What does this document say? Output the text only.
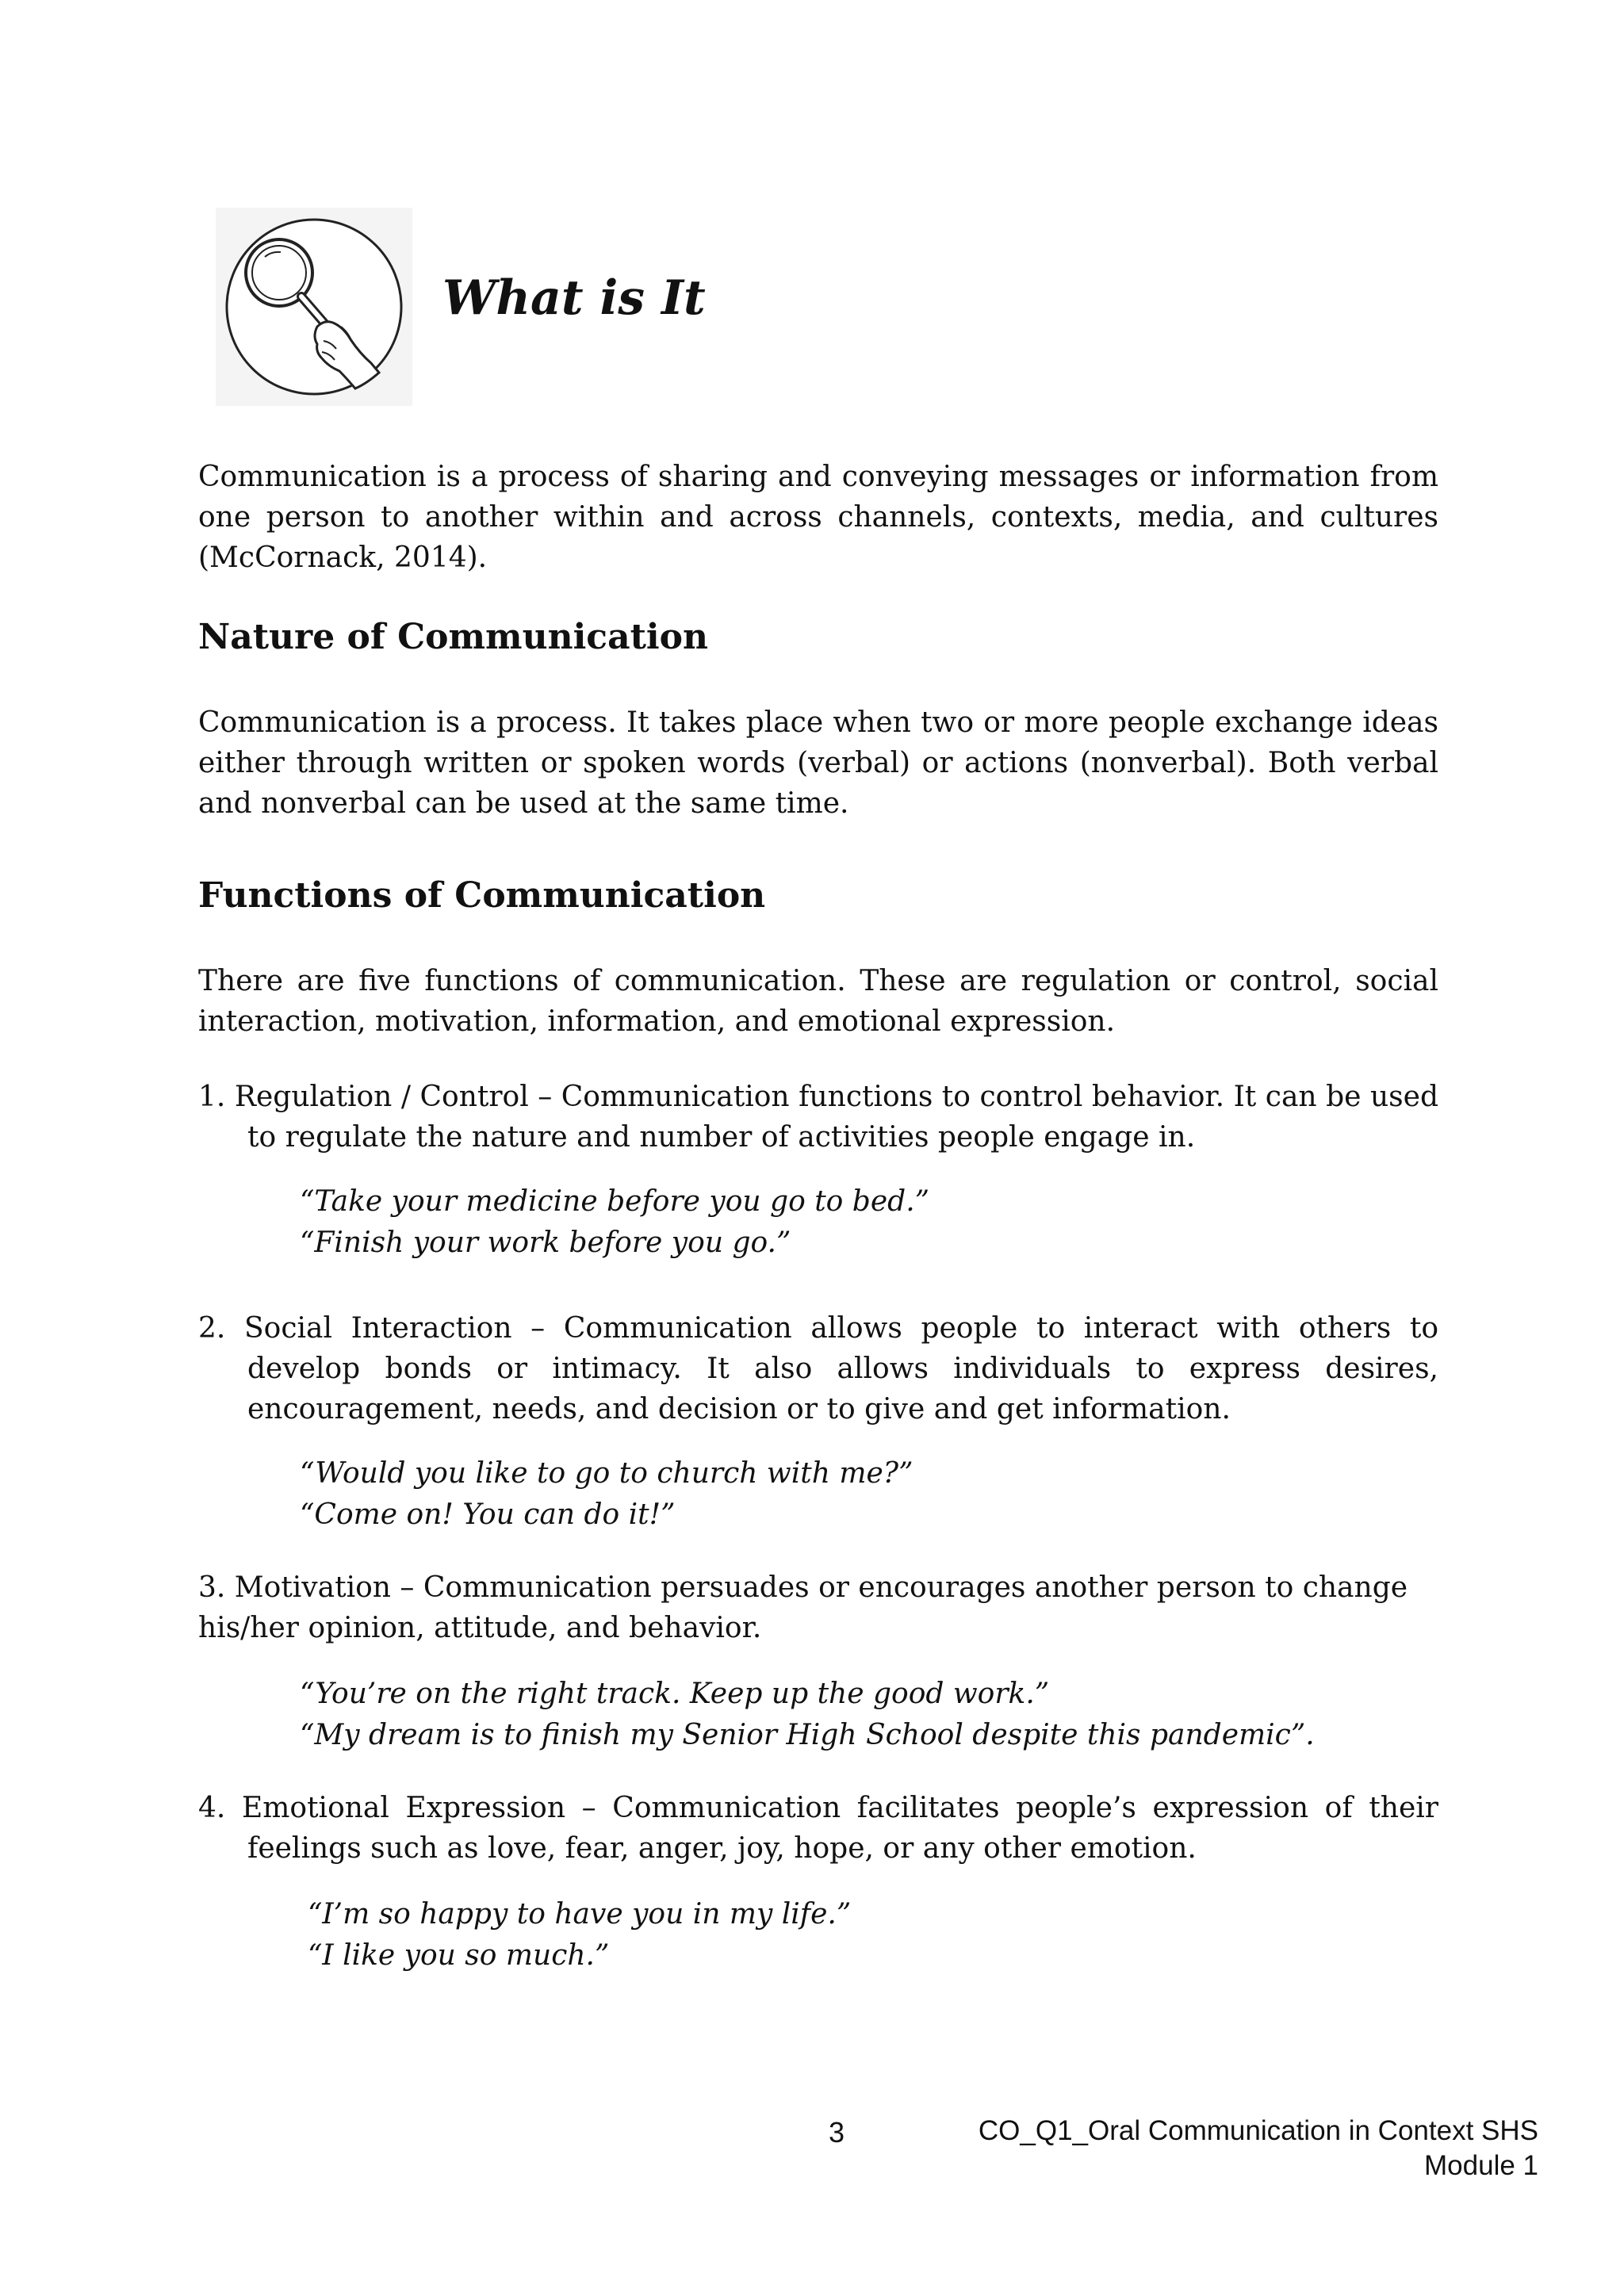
What is It

Communication is a process of sharing and conveying messages or information from one person to another within and across channels, contexts, media, and cultures (McCornack, 2014).

Nature of Communication

Communication is a process. It takes place when two or more people exchange ideas either through written or spoken words (verbal) or actions (nonverbal). Both verbal and nonverbal can be used at the same time.

Functions of Communication

There are five functions of communication. These are regulation or control, social interaction, motivation, information, and emotional expression.

1. Regulation / Control – Communication functions to control behavior. It can be used to regulate the nature and number of activities people engage in.

“Take your medicine before you go to bed.”
“Finish your work before you go.”

2. Social Interaction – Communication allows people to interact with others to develop bonds or intimacy. It also allows individuals to express desires, encouragement, needs, and decision or to give and get information.

“Would you like to go to church with me?”
“Come on! You can do it!”

3. Motivation – Communication persuades or encourages another person to change his/her opinion, attitude, and behavior.

“You’re on the right track. Keep up the good work.”
“My dream is to finish my Senior High School despite this pandemic”.

4. Emotional Expression – Communication facilitates people’s expression of their feelings such as love, fear, anger, joy, hope, or any other emotion.

“I’m so happy to have you in my life.”
“I like you so much.”
3	CO_Q1_Oral Communication in Context SHS
Module 1
